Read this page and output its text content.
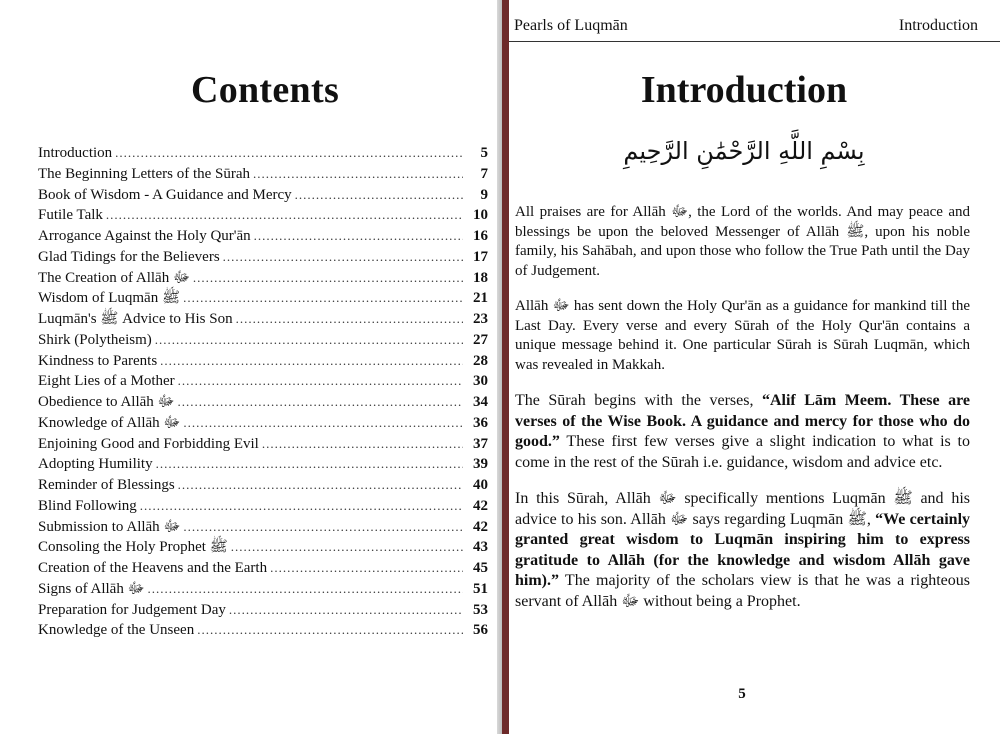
Contents
Introduction .....	5
The Beginning Letters of the Sūrah .....	7
Book of Wisdom - A Guidance and Mercy .....	9
Futile Talk .....	10
Arrogance Against the Holy Qur'ān .....	16
Glad Tidings for the Believers .....	17
The Creation of Allāh ﷻ .....	18
Wisdom of Luqmān ﷺ .....	21
Luqmān's ﷺ Advice to His Son .....	23
Shirk (Polytheism) .....	27
Kindness to Parents .....	28
Eight Lies of a Mother .....	30
Obedience to Allāh ﷻ .....	34
Knowledge of Allāh ﷻ .....	36
Enjoining Good and Forbidding Evil .....	37
Adopting Humility .....	39
Reminder of Blessings .....	40
Blind Following .....	42
Submission to Allāh ﷻ .....	42
Consoling the Holy Prophet ﷺ .....	43
Creation of the Heavens and the Earth .....	45
Signs of Allāh ﷻ .....	51
Preparation for Judgement Day .....	53
Knowledge of the Unseen .....	56
Pearls of Luqmān	Introduction
Introduction
بِسْمِ اللَّهِ الرَّحْمَٰنِ الرَّحِيمِ

All praises are for Allāh ﷻ, the Lord of the worlds. And may peace and blessings be upon the beloved Messenger of Allāh ﷺ, upon his noble family, his Sahābah, and upon those who follow the True Path until the Day of Judgement.

Allāh ﷻ has sent down the Holy Qur'ān as a guidance for mankind till the Last Day. Every verse and every Sūrah of the Holy Qur'ān contains a unique message behind it. One particular Sūrah is Sūrah Luqmān, which was revealed in Makkah.

The Sūrah begins with the verses, “Alif Lām Meem. These are verses of the Wise Book. A guidance and mercy for those who do good.” These first few verses give a slight indication to what is to come in the rest of the Sūrah i.e. guidance, wisdom and advice etc.

In this Sūrah, Allāh ﷻ specifically mentions Luqmān ﷺ and his advice to his son. Allāh ﷻ says regarding Luqmān ﷺ, “We certainly granted great wisdom to Luqmān inspiring him to express gratitude to Allāh (for the knowledge and wisdom Allāh gave him).” The majority of the scholars view is that he was a righteous servant of Allāh ﷻ without being a Prophet.

5
